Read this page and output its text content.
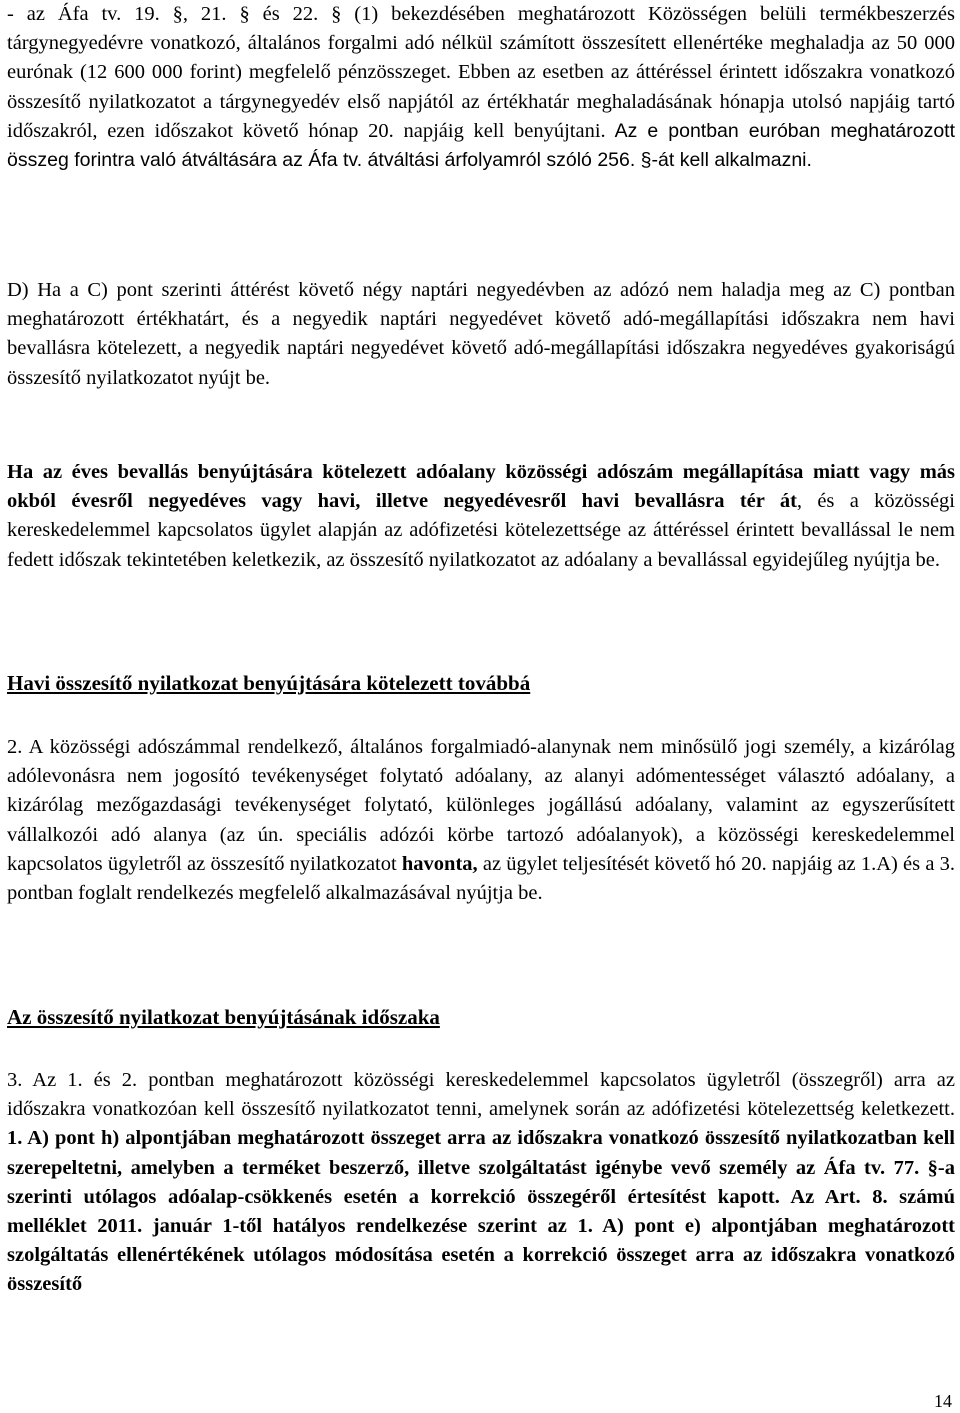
- az Áfa tv. 19. §, 21. § és 22. § (1) bekezdésében meghatározott Közösségen belüli termékbeszerzés tárgynegyedévre vonatkozó, általános forgalmi adó nélkül számított összesített ellenértéke meghaladja az 50 000 eurónak (12 600 000 forint) megfelelő pénzösszeget. Ebben az esetben az áttéréssel érintett időszakra vonatkozó összesítő nyilatkozatot a tárgynegyedév első napjától az értékhatár meghaladásának hónapja utolsó napjáig tartó időszakról, ezen időszakot követő hónap 20. napjáig kell benyújtani. Az e pontban euróban meghatározott összeg forintra való átváltására az Áfa tv. átváltási árfolyamról szóló 256. §-át kell alkalmazni.

D) Ha a C) pont szerinti áttérést követő négy naptári negyedévben az adózó nem haladja meg az C) pontban meghatározott értékhatárt, és a negyedik naptári negyedévet követő adó-megállapítási időszakra nem havi bevallásra kötelezett, a negyedik naptári negyedévet követő adó-megállapítási időszakra negyedéves gyakoriságú összesítő nyilatkozatot nyújt be.

Ha az éves bevallás benyújtására kötelezett adóalany közösségi adószám megállapítása miatt vagy más okból évesről negyedéves vagy havi, illetve negyedévesről havi bevallásra tér át, és a közösségi kereskedelemmel kapcsolatos ügylet alapján az adófizetési kötelezettsége az áttéréssel érintett bevallással le nem fedett időszak tekintetében keletkezik, az összesítő nyilatkozatot az adóalany a bevallással egyidejűleg nyújtja be.

Havi összesítő nyilatkozat benyújtására kötelezett továbbá

2. A közösségi adószámmal rendelkező, általános forgalmiadó-alanynak nem minősülő jogi személy, a kizárólag adólevonásra nem jogosító tevékenységet folytató adóalany, az alanyi adómentességet választó adóalany, a kizárólag mezőgazdasági tevékenységet folytató, különleges jogállású adóalany, valamint az egyszerűsített vállalkozói adó alanya (az ún. speciális adózói körbe tartozó adóalanyok), a közösségi kereskedelemmel kapcsolatos ügyletről az összesítő nyilatkozatot havonta, az ügylet teljesítését követő hó 20. napjáig az 1.A) és a 3. pontban foglalt rendelkezés megfelelő alkalmazásával nyújtja be.

Az összesítő nyilatkozat benyújtásának időszaka

3. Az 1. és 2. pontban meghatározott közösségi kereskedelemmel kapcsolatos ügyletről (összegről) arra az időszakra vonatkozóan kell összesítő nyilatkozatot tenni, amelynek során az adófizetési kötelezettség keletkezett. 1. A) pont h) alpontjában meghatározott összeget arra az időszakra vonatkozó összesítő nyilatkozatban kell szerepeltetni, amelyben a terméket beszerző, illetve szolgáltatást igénybe vevő személy az Áfa tv. 77. §-a szerinti utólagos adóalap-csökkenés esetén a korrekció összegéről értesítést kapott. Az Art. 8. számú melléklet 2011. január 1-től hatályos rendelkezése szerint az 1. A) pont e) alpontjában meghatározott szolgáltatás ellenértékének utólagos módosítása esetén a korrekció összeget arra az időszakra vonatkozó összesítő

14
